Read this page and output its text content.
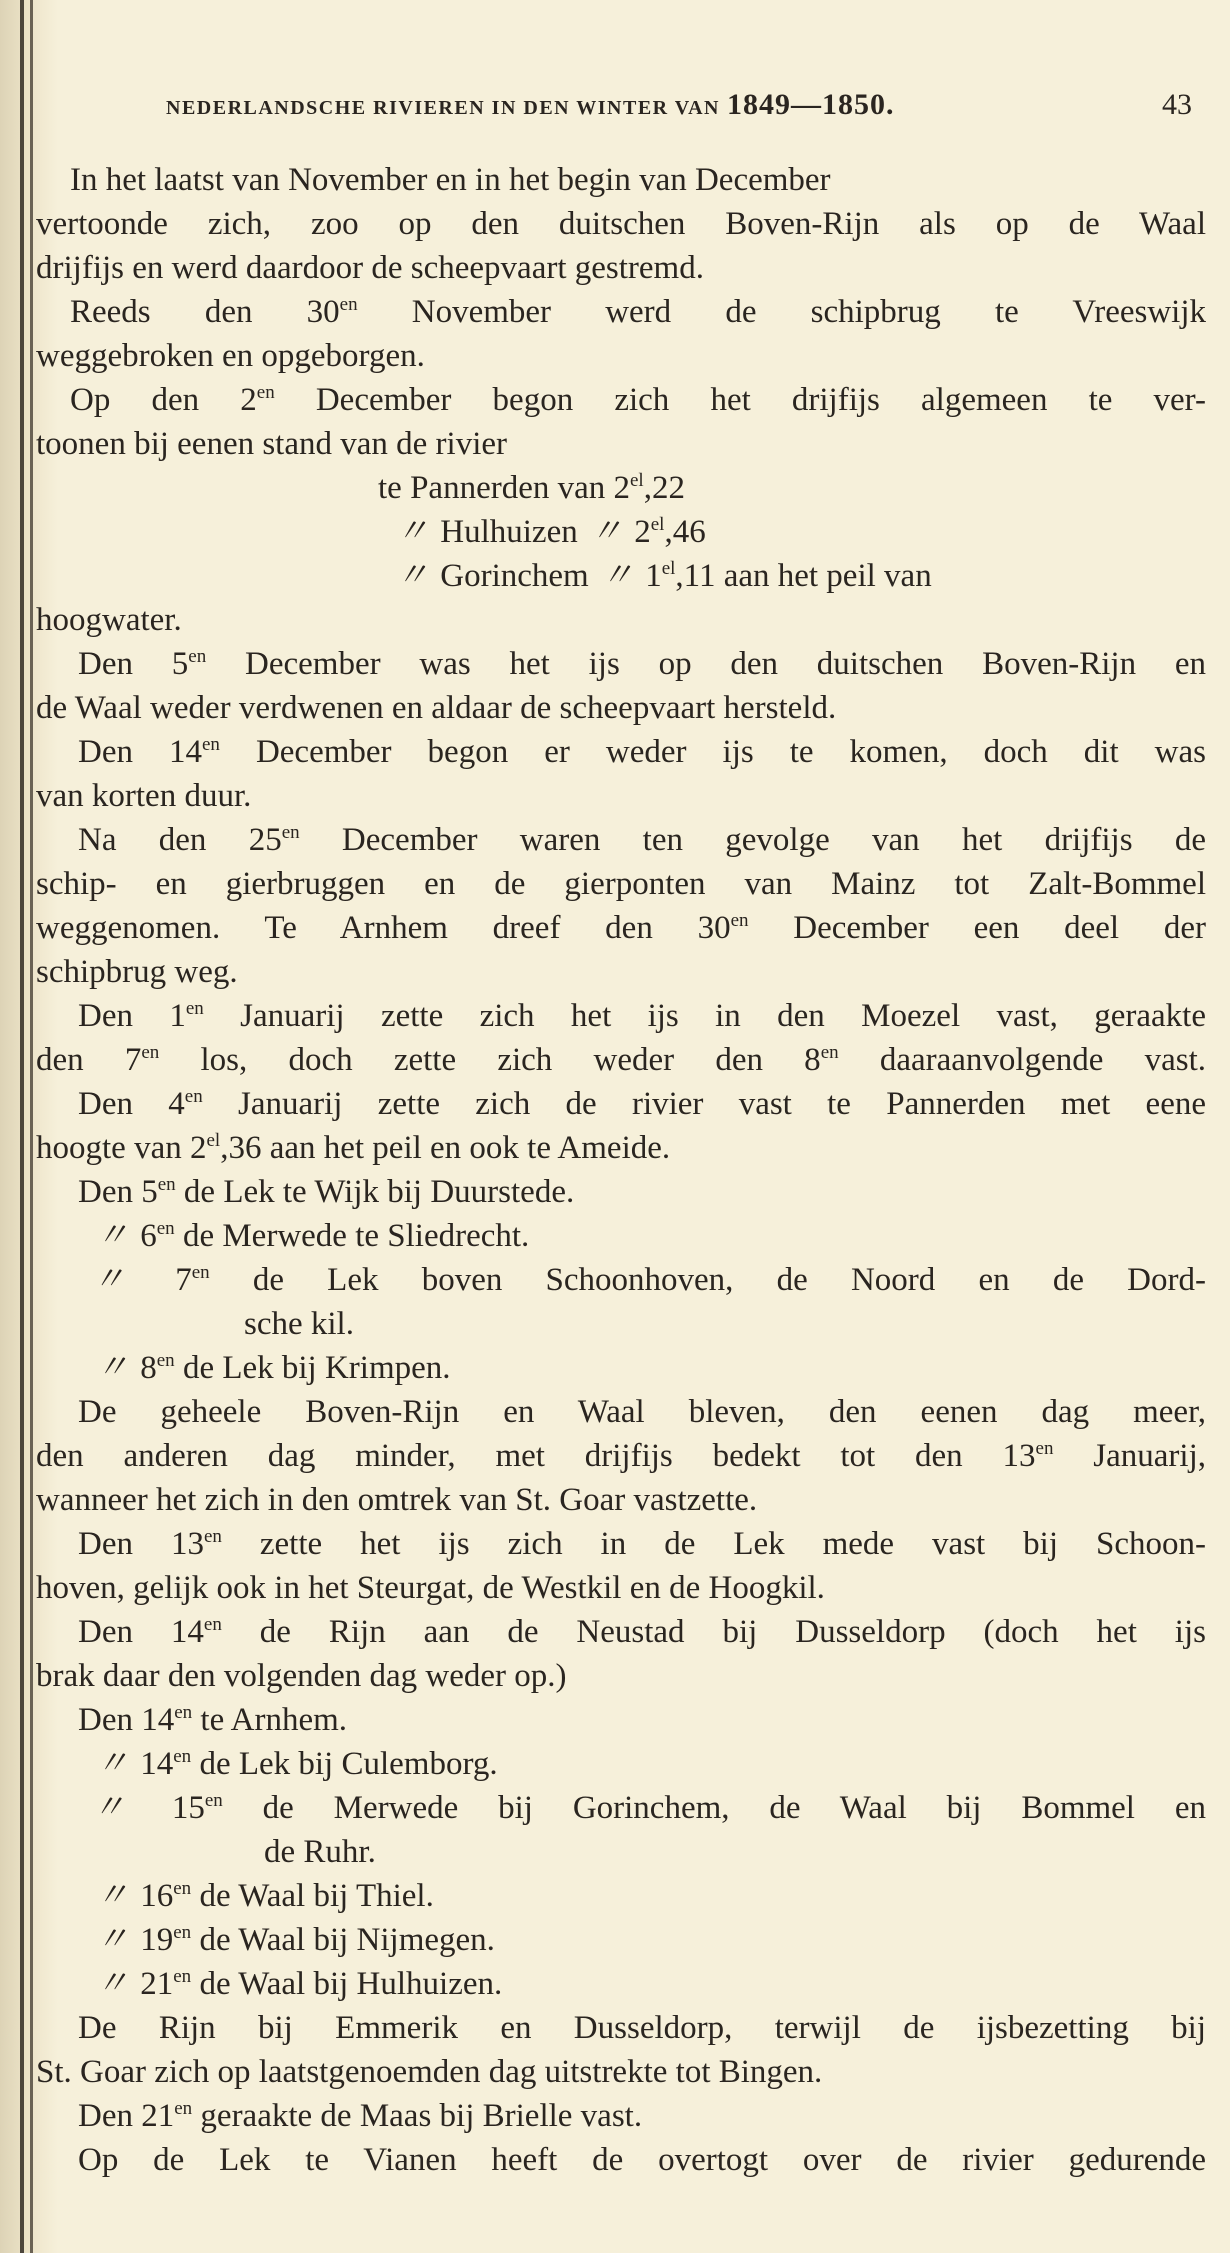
NEDERLANDSCHE RIVIEREN IN DEN WINTER VAN 1849—1850.	43
In het laatst van November en in het begin van December
vertoonde zich, zoo op den duitschen Boven-Rijn als op de Waal
drijfijs en werd daardoor de scheepvaart gestremd.
Reeds den $30^{en}$ November werd de schipbrug te Vreeswijk
weggebroken en opgeborgen.
Op den $2^{en}$ December begon zich het drijfijs algemeen te ver-
toonen bij eenen stand van de rivier
te Pannerden van $2^{el},22$
〃 Hulhuizen 〃 $2^{el},46$
〃 Gorinchem 〃 $1^{el},11$ aan het peil van
hoogwater.
Den $5^{en}$ December was het ijs op den duitschen Boven-Rijn en
de Waal weder verdwenen en aldaar de scheepvaart hersteld.
Den $14^{en}$ December begon er weder ijs te komen, doch dit was
van korten duur.
Na den $25^{en}$ December waren ten gevolge van het drijfijs de
schip- en gierbruggen en de gierponten van Mainz tot Zalt-Bommel
weggenomen. Te Arnhem dreef den $30^{en}$ December een deel der
schipbrug weg.
Den $1^{en}$ Januarij zette zich het ijs in den Moezel vast, geraakte
den $7^{en}$ los, doch zette zich weder den $8^{en}$ daaraanvolgende vast.
Den $4^{en}$ Januarij zette zich de rivier vast te Pannerden met eene
hoogte van $2^{el},36$ aan het peil en ook te Ameide.
Den $5^{en}$ de Lek te Wijk bij Duurstede.
〃 $6^{en}$ de Merwede te Sliedrecht.
〃 $7^{en}$ de Lek boven Schoonhoven, de Noord en de Dord-
sche kil.
〃 $8^{en}$ de Lek bij Krimpen.
De geheele Boven-Rijn en Waal bleven, den eenen dag meer,
den anderen dag minder, met drijfijs bedekt tot den $13^{en}$ Januarij,
wanneer het zich in den omtrek van St. Goar vastzette.
Den $13^{en}$ zette het ijs zich in de Lek mede vast bij Schoon-
hoven, gelijk ook in het Steurgat, de Westkil en de Hoogkil.
Den $14^{en}$ de Rijn aan de Neustad bij Dusseldorp (doch het ijs
brak daar den volgenden dag weder op.)
Den $14^{en}$ te Arnhem.
〃 $14^{en}$ de Lek bij Culemborg.
〃 $15^{en}$ de Merwede bij Gorinchem, de Waal bij Bommel en
de Ruhr.
〃 $16^{en}$ de Waal bij Thiel.
〃 $19^{en}$ de Waal bij Nijmegen.
〃 $21^{en}$ de Waal bij Hulhuizen.
De Rijn bij Emmerik en Dusseldorp, terwijl de ijsbezetting bij
St. Goar zich op laatstgenoemden dag uitstrekte tot Bingen.
Den $21^{en}$ geraakte de Maas bij Brielle vast.
Op de Lek te Vianen heeft de overtogt over de rivier gedurende
